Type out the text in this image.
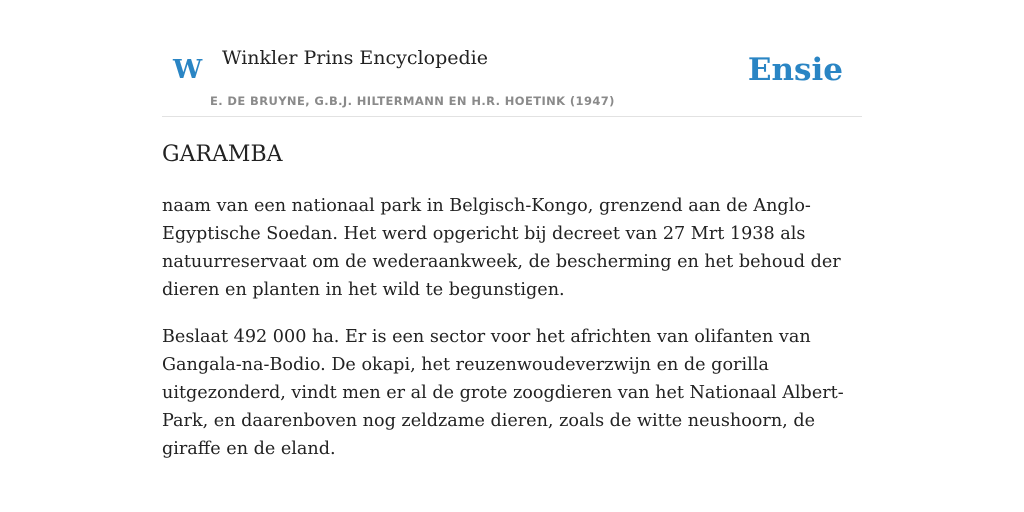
W Winkler Prins Encyclopedie
E. DE BRUYNE, G.B.J. HILTERMANN EN H.R. HOETINK (1947)
Ensie
GARAMBA

naam van een nationaal park in Belgisch-Kongo, grenzend aan de Anglo-Egyptische Soedan. Het werd opgericht bij decreet van 27 Mrt 1938 als natuurreservaat om de wederaankweek, de bescherming en het behoud der dieren en planten in het wild te begunstigen.

Beslaat 492 000 ha. Er is een sector voor het africhten van olifanten van Gangala-na-Bodio. De okapi, het reuzenwoudeverzwijn en de gorilla uitgezonderd, vindt men er al de grote zoogdieren van het Nationaal Albert-Park, en daarenboven nog zeldzame dieren, zoals de witte neushoorn, de giraffe en de eland.
